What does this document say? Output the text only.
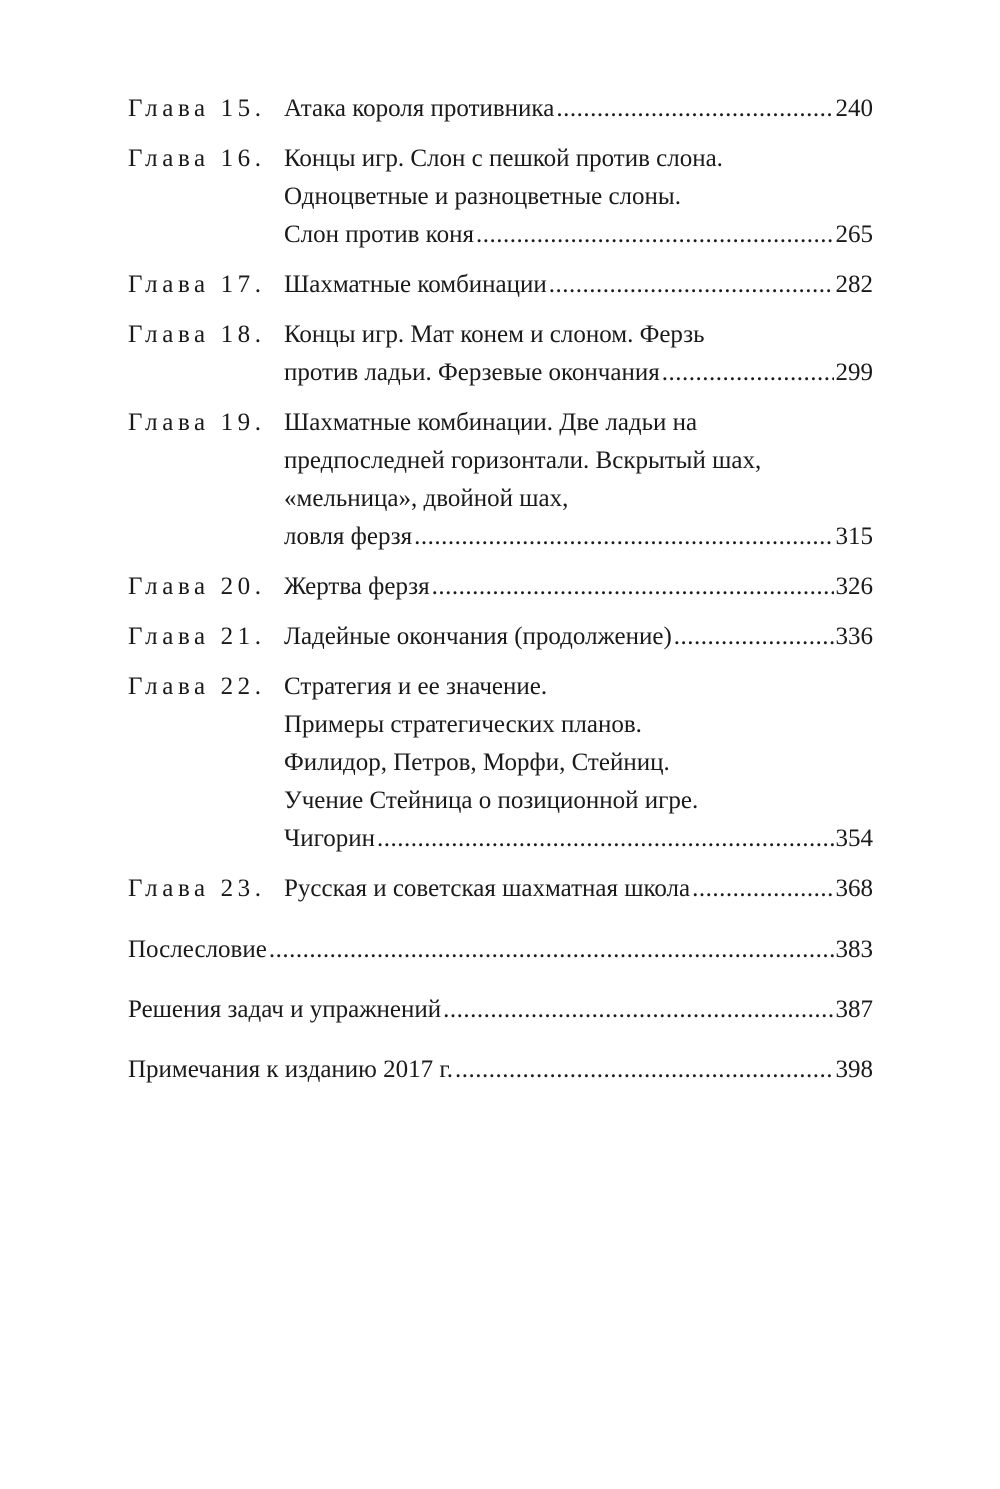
Глава 15. Атака короля противника .....	240
Глава 16. Концы игр. Слон с пешкой против слона.
Одноцветные и разноцветные слоны.
Слон против коня .....	265
Глава 17. Шахматные комбинации .....	282
Глава 18. Концы игр. Мат конем и слоном. Ферзь
против ладьи. Ферзевые окончания .....	299
Глава 19. Шахматные комбинации. Две ладьи на
предпоследней горизонтали. Вскрытый шах,
«мельница», двойной шах,
ловля ферзя .....	315
Глава 20. Жертва ферзя .....	326
Глава 21. Ладейные окончания (продолжение) .....	336
Глава 22. Стратегия и ее значение.
Примеры стратегических планов.
Филидор, Петров, Морфи, Стейниц.
Учение Стейница о позиционной игре.
Чигорин .....	354
Глава 23. Русская и советская шахматная школа .....	368
Послесловие .....	383
Решения задач и упражнений .....	387
Примечания к изданию 2017 г. .....	398
